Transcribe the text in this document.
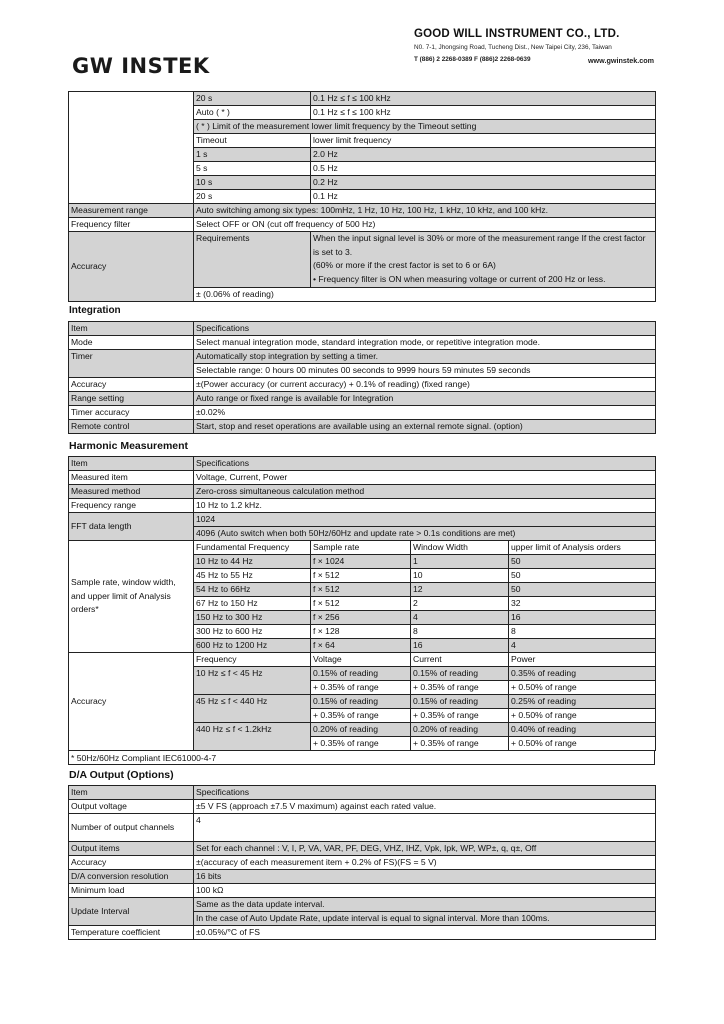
GW INSTEK
GOOD WILL INSTRUMENT CO., LTD.
N0. 7-1, Jhongsing Road, Tucheng Dist., New Taipei City, 236, Taiwan
T (886) 2 2268-0389 F (886)2 2268-0639	www.gwinstek.com
	20 s	0.1 Hz ≤ f ≤ 100 kHz
	Auto ( * )	0.1 Hz ≤ f ≤ 100 kHz
	( * ) Limit of the measurement lower limit frequency by the Timeout setting	
	Timeout	lower limit frequency
	1 s	2.0 Hz
	5 s	0.5 Hz
	10 s	0.2 Hz
	20 s	0.1 Hz
Measurement range	Auto switching among six types: 100mHz, 1 Hz, 10 Hz, 100 Hz, 1 kHz, 10 kHz, and 100 kHz.	
Frequency filter	Select OFF or ON (cut off frequency of 500 Hz)	
Accuracy	Requirements	When the input signal level is 30% or more of the measurement range If the crest factor is set to 3.
(60% or more if the crest factor is set to 6 or 6A)
• Frequency filter is ON when measuring voltage or current of 200 Hz or less.
	± (0.06% of reading)	
Integration
Item	Specifications
Mode	Select manual integration mode, standard integration mode, or repetitive integration mode.
Timer	Automatically stop integration by setting a timer.
	Selectable range: 0 hours 00 minutes 00 seconds to 9999 hours 59 minutes 59 seconds
Accuracy	±(Power accuracy (or current accuracy) + 0.1% of reading) (fixed range)
Range setting	Auto range or fixed range is available for Integration
Timer accuracy	±0.02%
Remote control	Start, stop and reset operations are available using an external remote signal. (option)
Harmonic Measurement
Item	Specifications			
Measured item	Voltage, Current, Power			
Measured method	Zero-cross simultaneous calculation method			
Frequency range	10 Hz to 1.2 kHz.			
FFT data length	1024			
	4096 (Auto switch when both 50Hz/60Hz and update rate > 0.1s conditions are met)			
Sample rate, window width, and upper limit of Analysis orders*	Fundamental Frequency	Sample rate	Window Width	upper limit of Analysis orders
	10 Hz to 44 Hz	f × 1024	1	50
	45 Hz to 55 Hz	f × 512	10	50
	54 Hz to 66Hz	f × 512	12	50
	67 Hz to 150 Hz	f × 512	2	32
	150 Hz to 300 Hz	f × 256	4	16
	300 Hz to 600 Hz	f × 128	8	8
	600 Hz to 1200 Hz	f × 64	16	4
Accuracy	Frequency	Voltage	Current	Power
	10 Hz ≤ f < 45 Hz	0.15% of reading	0.15% of reading	0.35% of reading
		+ 0.35% of range	+ 0.35% of range	+ 0.50% of range
	45 Hz ≤ f < 440 Hz	0.15% of reading	0.15% of reading	0.25% of reading
		+ 0.35% of range	+ 0.35% of range	+ 0.50% of range
	440 Hz ≤ f < 1.2kHz	0.20% of reading	0.20% of reading	0.40% of reading
		+ 0.35% of range	+ 0.35% of range	+ 0.50% of range
* 50Hz/60Hz Compliant IEC61000-4-7
D/A Output (Options)
Item	Specifications
Output voltage	±5 V FS (approach ±7.5 V maximum) against each rated value.
Number of output channels	4
Output items	Set for each channel : V, I, P, VA, VAR, PF, DEG, VHZ, IHZ, Vpk, Ipk, WP, WP±, q, q±, Off
Accuracy	±(accuracy of each measurement item + 0.2% of FS)(FS = 5 V)
D/A conversion resolution	16 bits
Minimum load	100 kΩ
Update Interval	Same as the data update interval.
	In the case of Auto Update Rate, update interval is equal to signal interval. More than 100ms.
Temperature coefficient	±0.05%/°C of FS
